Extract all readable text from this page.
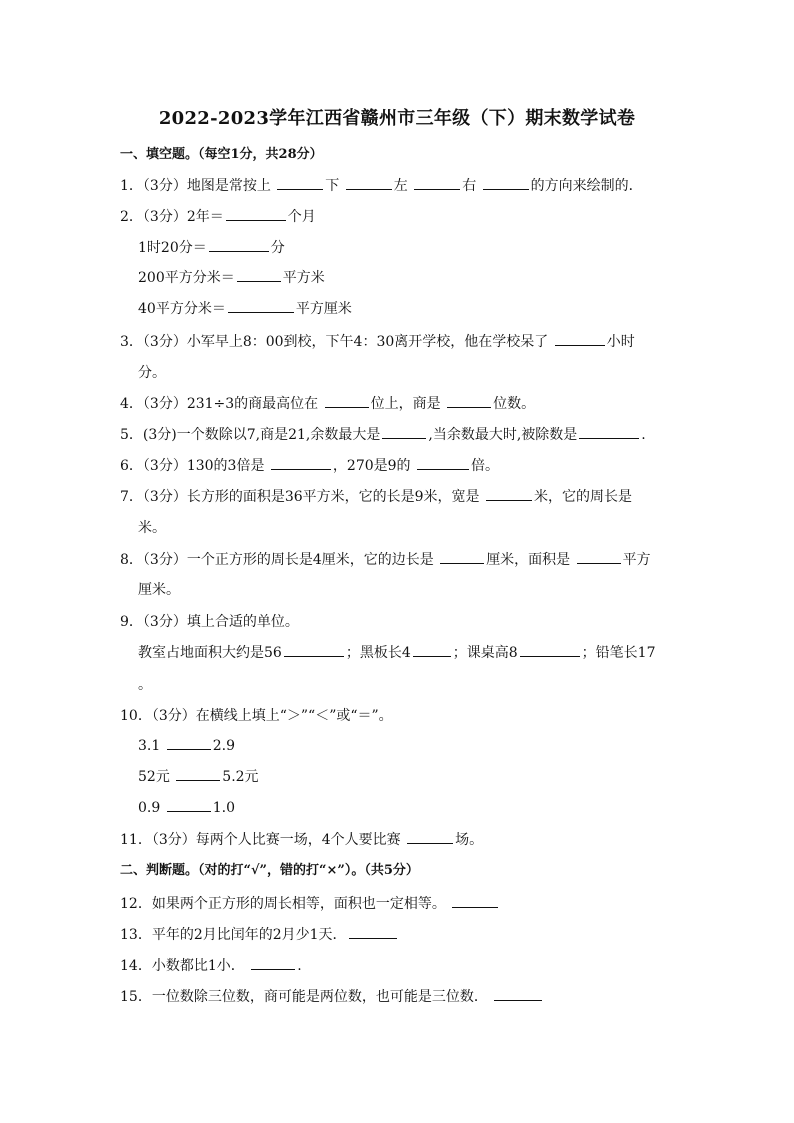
2022-2023学年江西省赣州市三年级（下）期末数学试卷
一、填空题。（每空1分，共28分）
1．（3分）地图是常按上	下	左	右	的方向来绘制的．
2．（3分）2年＝	个月
1时20分＝	分
200平方分米＝	平方米
40平方分米＝	平方厘米
3．（3分）小军早上8：00到校，下午4：30离开学校，他在学校呆了	小时
分。
4．（3分）231÷3的商最高位在	位上，商是	位数。
5．(3分)一个数除以7,商是21,余数最大是	,当余数最大时,被除数是	.
6．（3分）130的3倍是	，270是9的	倍。
7．（3分）长方形的面积是36平方米，它的长是9米，宽是	米，它的周长是
米。
8．（3分）一个正方形的周长是4厘米，它的边长是	厘米，面积是	平方
厘米。
9．（3分）填上合适的单位。
教室占地面积大约是56	；黑板长4	；课桌高8	；铅笔长17
。
10．（3分）在横线上填上“＞”“＜”或“＝”。
3.1	2.9
52元	5.2元
0.9	1.0
11．（3分）每两个人比赛一场，4个人要比赛	场。
二、判断题。（对的打“√”，错的打“×”）。（共5分）
12．如果两个正方形的周长相等，面积也一定相等。
13．平年的2月比闰年的2月少1天．
14．小数都比1小．	.
15．一位数除三位数，商可能是两位数，也可能是三位数．
